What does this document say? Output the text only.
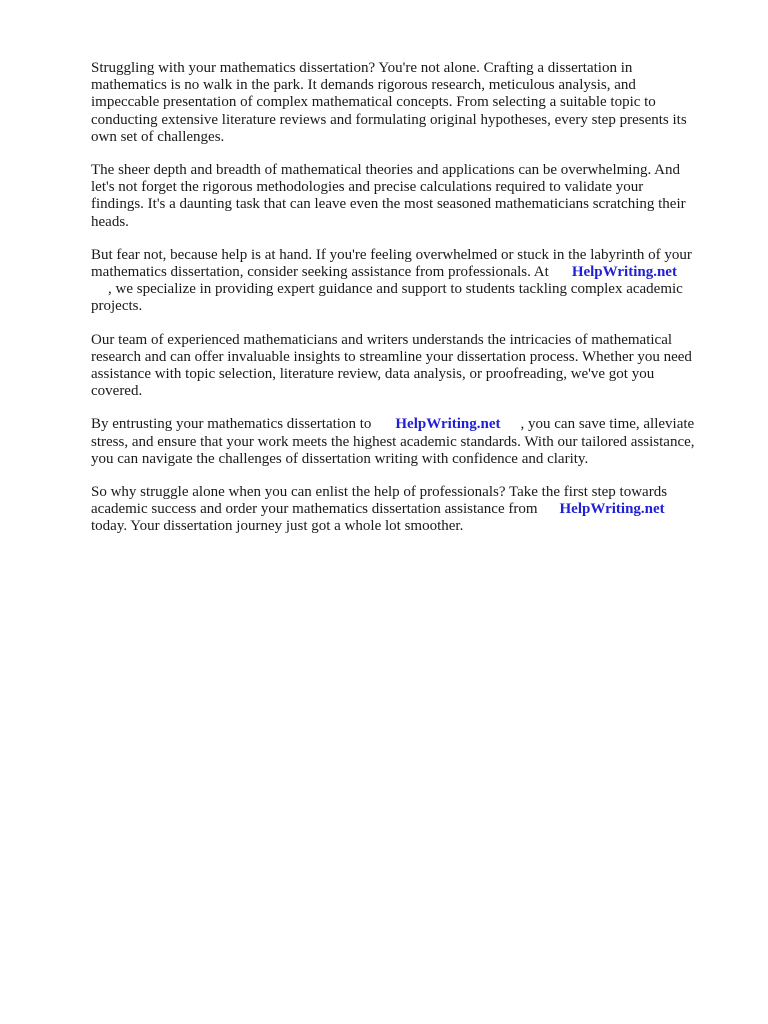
Struggling with your mathematics dissertation? You're not alone. Crafting a dissertation in
mathematics is no walk in the park. It demands rigorous research, meticulous analysis, and
impeccable presentation of complex mathematical concepts. From selecting a suitable topic to
conducting extensive literature reviews and formulating original hypotheses, every step presents its
own set of challenges.

The sheer depth and breadth of mathematical theories and applications can be overwhelming. And
let's not forget the rigorous methodologies and precise calculations required to validate your
findings. It's a daunting task that can leave even the most seasoned mathematicians scratching their
heads.

But fear not, because help is at hand. If you're feeling overwhelmed or stuck in the labyrinth of your
mathematics dissertation, consider seeking assistance from professionals. At HelpWriting.net
, we specialize in providing expert guidance and support to students tackling complex academic
projects.

Our team of experienced mathematicians and writers understands the intricacies of mathematical
research and can offer invaluable insights to streamline your dissertation process. Whether you need
assistance with topic selection, literature review, data analysis, or proofreading, we've got you
covered.

By entrusting your mathematics dissertation to HelpWriting.net , you can save time, alleviate
stress, and ensure that your work meets the highest academic standards. With our tailored assistance,
you can navigate the challenges of dissertation writing with confidence and clarity.

So why struggle alone when you can enlist the help of professionals? Take the first step towards
academic success and order your mathematics dissertation assistance from HelpWriting.net
today. Your dissertation journey just got a whole lot smoother.
